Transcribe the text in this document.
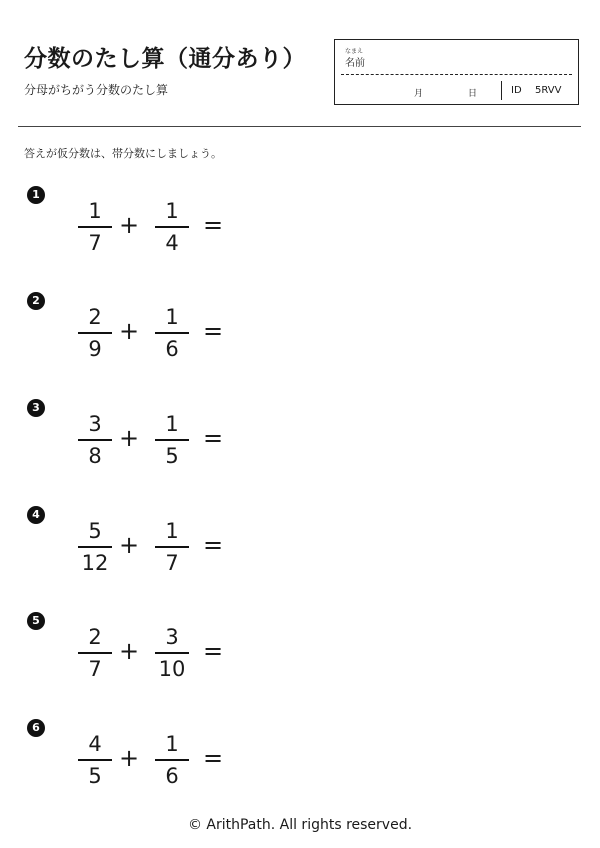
分数のたし算（通分あり）
分母がちがう分数のたし算
なまえ
名前
月	日	ID 5RVV
答えが仮分数は、帯分数にしましょう。
1
1
7
+	1
4
=
2
2
9
+	1
6
=
3
3
8
+	1
5
=
4
5
12
+	1
7
=
5
2
7
+	3
10
=
6
4
5
+	1
6
=
© ArithPath. All rights reserved.
